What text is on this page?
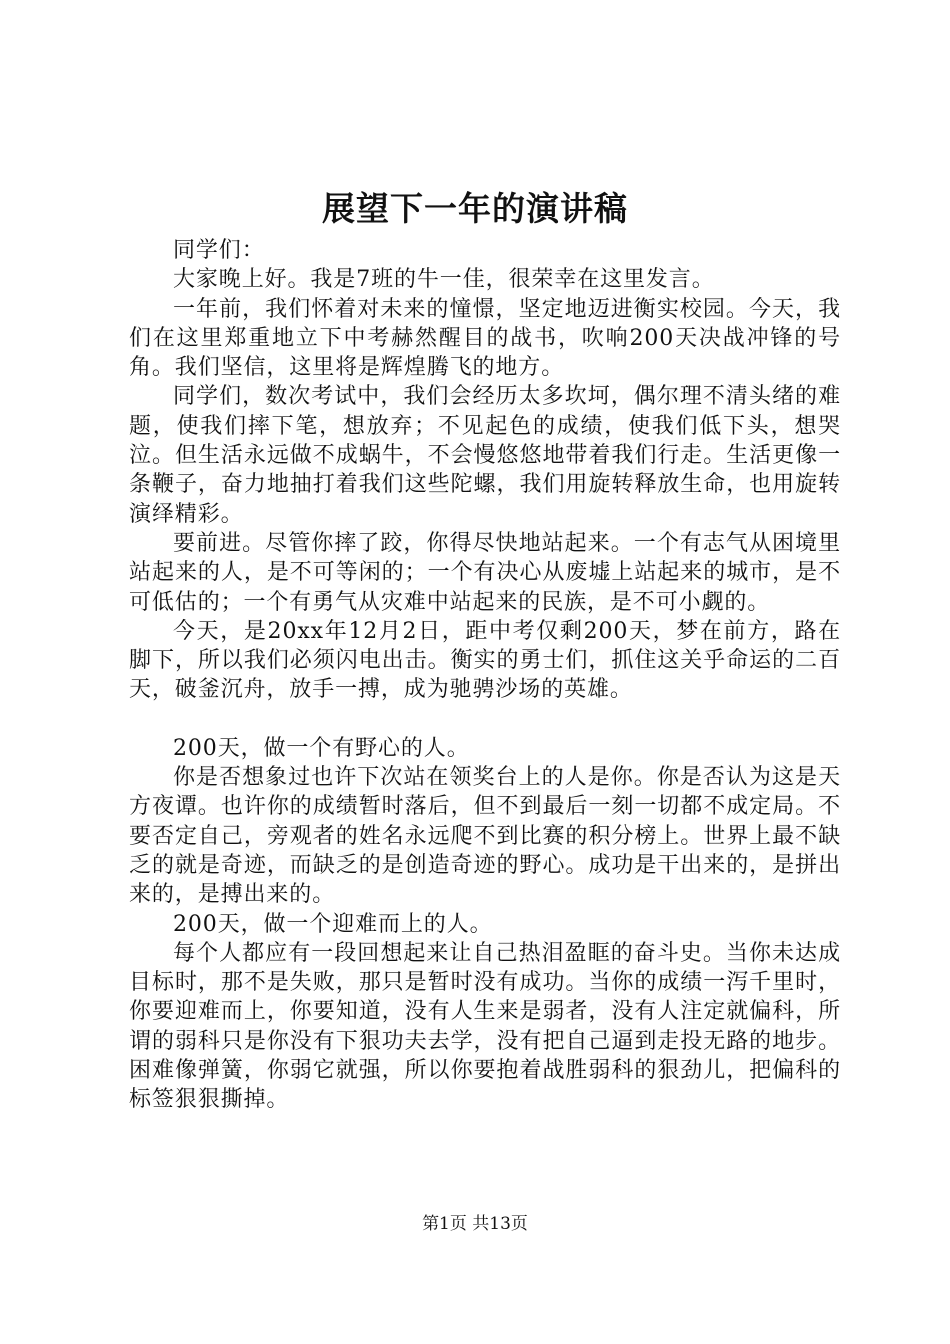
展望下一年的演讲稿

同学们：

大家晚上好。我是7班的牛一佳，很荣幸在这里发言。

一年前，我们怀着对未来的憧憬，坚定地迈进衡实校园。今天，我们在这里郑重地立下中考赫然醒目的战书，吹响200天决战冲锋的号角。我们坚信，这里将是辉煌腾飞的地方。

同学们，数次考试中，我们会经历太多坎坷，偶尔理不清头绪的难题，使我们摔下笔，想放弃；不见起色的成绩，使我们低下头，想哭泣。但生活永远做不成蜗牛，不会慢悠悠地带着我们行走。生活更像一条鞭子，奋力地抽打着我们这些陀螺，我们用旋转释放生命，也用旋转演绎精彩。

要前进。尽管你摔了跤，你得尽快地站起来。一个有志气从困境里站起来的人，是不可等闲的；一个有决心从废墟上站起来的城市，是不可低估的；一个有勇气从灾难中站起来的民族，是不可小觑的。

今天，是20xx年12月2日，距中考仅剩200天，梦在前方，路在脚下，所以我们必须闪电出击。衡实的勇士们，抓住这关乎命运的二百天，破釜沉舟，放手一搏，成为驰骋沙场的英雄。

200天，做一个有野心的人。

你是否想象过也许下次站在领奖台上的人是你。你是否认为这是天方夜谭。也许你的成绩暂时落后，但不到最后一刻一切都不成定局。不要否定自己，旁观者的姓名永远爬不到比赛的积分榜上。世界上最不缺乏的就是奇迹，而缺乏的是创造奇迹的野心。成功是干出来的，是拼出来的，是搏出来的。

200天，做一个迎难而上的人。

每个人都应有一段回想起来让自己热泪盈眶的奋斗史。当你未达成目标时，那不是失败，那只是暂时没有成功。当你的成绩一泻千里时，你要迎难而上，你要知道，没有人生来是弱者，没有人注定就偏科，所谓的弱科只是你没有下狠功夫去学，没有把自己逼到走投无路的地步。困难像弹簧，你弱它就强，所以你要抱着战胜弱科的狠劲儿，把偏科的标签狠狠撕掉。

第1页 共13页
